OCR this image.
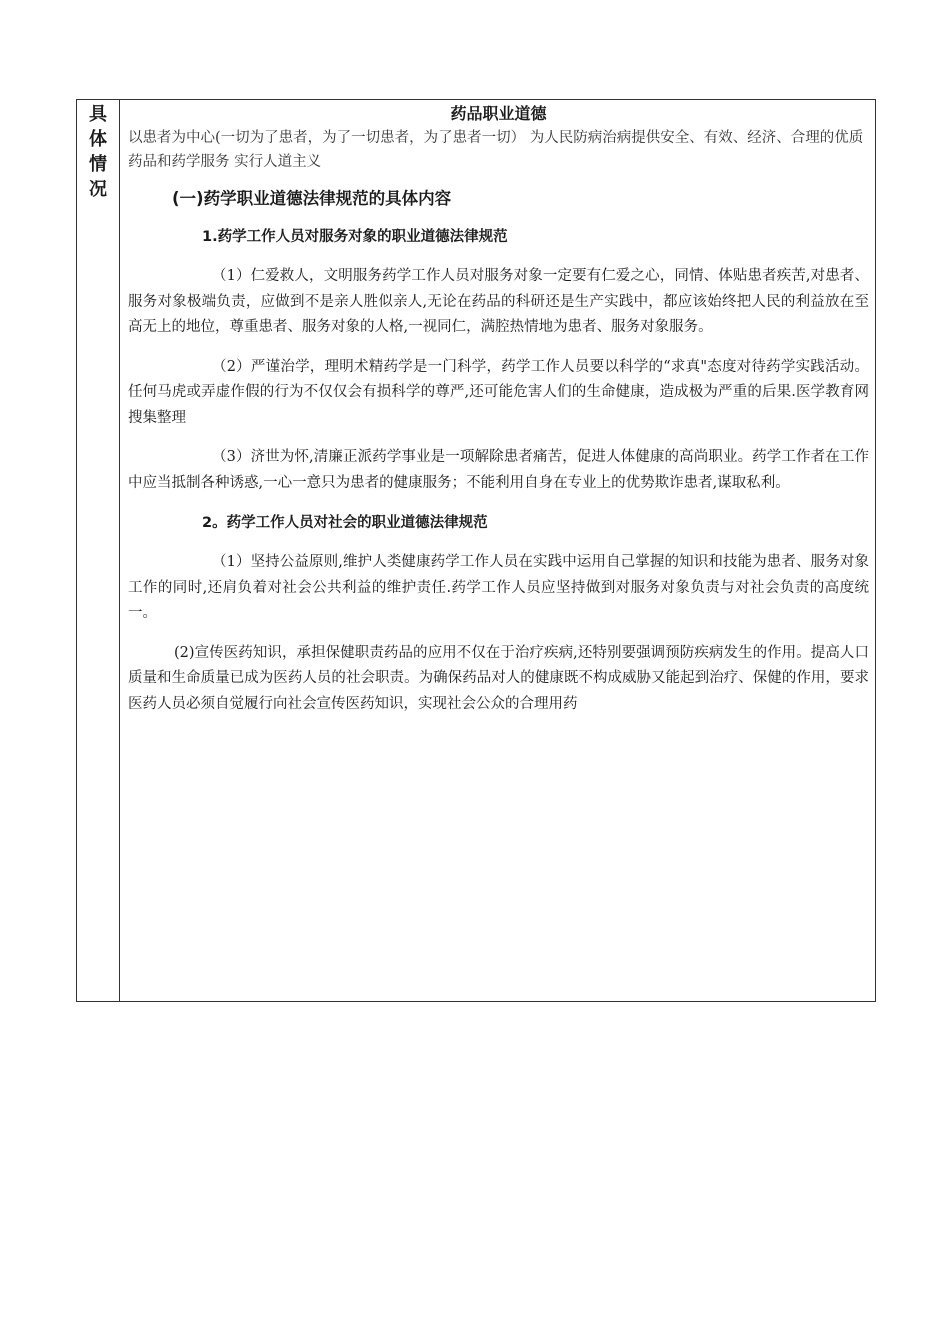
具
体
情
况

药品职业道德

以患者为中心(一切为了患者，为了一切患者，为了患者一切） 为人民防病治病提供安全、有效、经济、合理的优质药品和药学服务 实行人道主义

(一)药学职业道德法律规范的具体内容
1.药学工作人员对服务对象的职业道德法律规范

（1）仁爱救人，文明服务药学工作人员对服务对象一定要有仁爱之心，同情、体贴患者疾苦,对患者、服务对象极端负责，应做到不是亲人胜似亲人,无论在药品的科研还是生产实践中，都应该始终把人民的利益放在至高无上的地位，尊重患者、服务对象的人格,一视同仁，满腔热情地为患者、服务对象服务。

（2）严谨治学，理明术精药学是一门科学，药学工作人员要以科学的“求真"态度对待药学实践活动。任何马虎或弄虚作假的行为不仅仅会有损科学的尊严,还可能危害人们的生命健康，造成极为严重的后果.医学教育网搜集整理

（3）济世为怀,清廉正派药学事业是一项解除患者痛苦，促进人体健康的高尚职业。药学工作者在工作中应当抵制各种诱惑,一心一意只为患者的健康服务；不能利用自身在专业上的优势欺诈患者,谋取私利。

2。药学工作人员对社会的职业道德法律规范

（1）坚持公益原则,维护人类健康药学工作人员在实践中运用自己掌握的知识和技能为患者、服务对象工作的同时,还肩负着对社会公共利益的维护责任.药学工作人员应坚持做到对服务对象负责与对社会负责的高度统一。

(2)宣传医药知识，承担保健职责药品的应用不仅在于治疗疾病,还特别要强调预防疾病发生的作用。提高人口质量和生命质量已成为医药人员的社会职责。为确保药品对人的健康既不构成威胁又能起到治疗、保健的作用，要求医药人员必须自觉履行向社会宣传医药知识，实现社会公众的合理用药
